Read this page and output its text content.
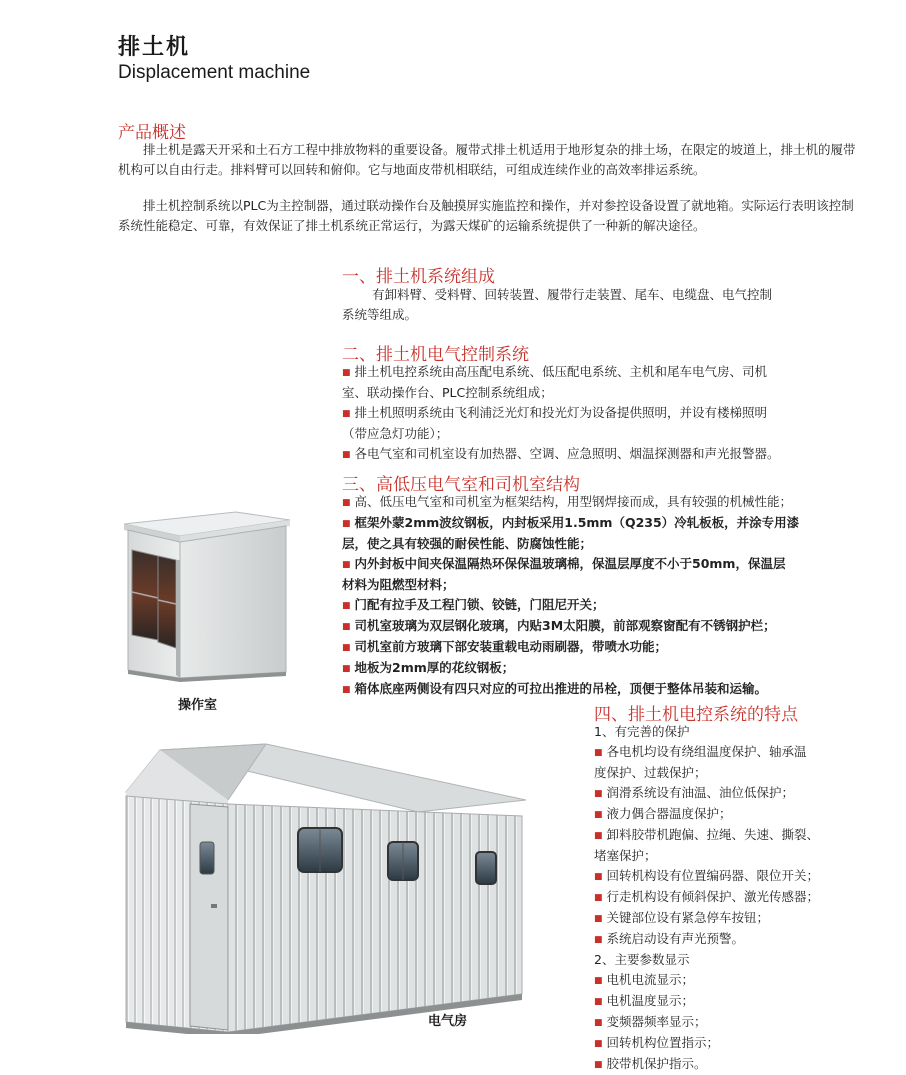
排土机
Displacement machine
产品概述
排土机是露天开采和土石方工程中排放物料的重要设备。履带式排土机适用于地形复杂的排土场，在限定的坡道上，排土机的履带机构可以自由行走。排料臂可以回转和俯仰。它与地面皮带机相联结，可组成连续作业的高效率排运系统。
排土机控制系统以PLC为主控制器，通过联动操作台及触摸屏实施监控和操作，并对参控设备设置了就地箱。实际运行表明该控制系统性能稳定、可靠，有效保证了排土机系统正常运行，为露天煤矿的运输系统提供了一种新的解决途径。
一、排土机系统组成
有卸料臂、受料臂、回转装置、履带行走装置、尾车、电缆盘、电气控制
系统等组成。
二、排土机电气控制系统
■ 排土机电控系统由高压配电系统、低压配电系统、主机和尾车电气房、司机
室、联动操作台、PLC控制系统组成；
■ 排土机照明系统由飞利浦泛光灯和投光灯为设备提供照明，并设有楼梯照明
（带应急灯功能）；
■ 各电气室和司机室设有加热器、空调、应急照明、烟温探测器和声光报警器。
三、高低压电气室和司机室结构
■ 高、低压电气室和司机室为框架结构，用型钢焊接而成，具有较强的机械性能；
■ 框架外蒙2mm波纹钢板，内封板采用1.5mm（Q235）冷轧板板，并涂专用漆
层，使之具有较强的耐侯性能、防腐蚀性能；
■ 内外封板中间夹保温隔热环保保温玻璃棉，保温层厚度不小于50mm，保温层
材料为阻燃型材料；
■ 门配有拉手及工程门锁、铰链，门阻尼开关；
■ 司机室玻璃为双层钢化玻璃，内贴3M太阳膜，前部观察窗配有不锈钢护栏；
■ 司机室前方玻璃下部安装重载电动雨刷器，带喷水功能；
■ 地板为2mm厚的花纹钢板；
■ 箱体底座两侧设有四只对应的可拉出推进的吊栓，顶便于整体吊装和运输。
操作室	四、排土机电控系统的特点
1、有完善的保护
■ 各电机均设有绕组温度保护、轴承温
度保护、过载保护；
■ 润滑系统设有油温、油位低保护；
■ 液力偶合器温度保护；
■ 卸料胶带机跑偏、拉绳、失速、撕裂、
堵塞保护；
■ 回转机构设有位置编码器、限位开关；
■ 行走机构设有倾斜保护、激光传感器；
■ 关键部位设有紧急停车按钮；
■ 系统启动设有声光预警。
2、主要参数显示
■ 电机电流显示；
■ 电机温度显示；
■ 变频器频率显示；
■ 回转机构位置指示；
■ 胶带机保护指示。
电气房
